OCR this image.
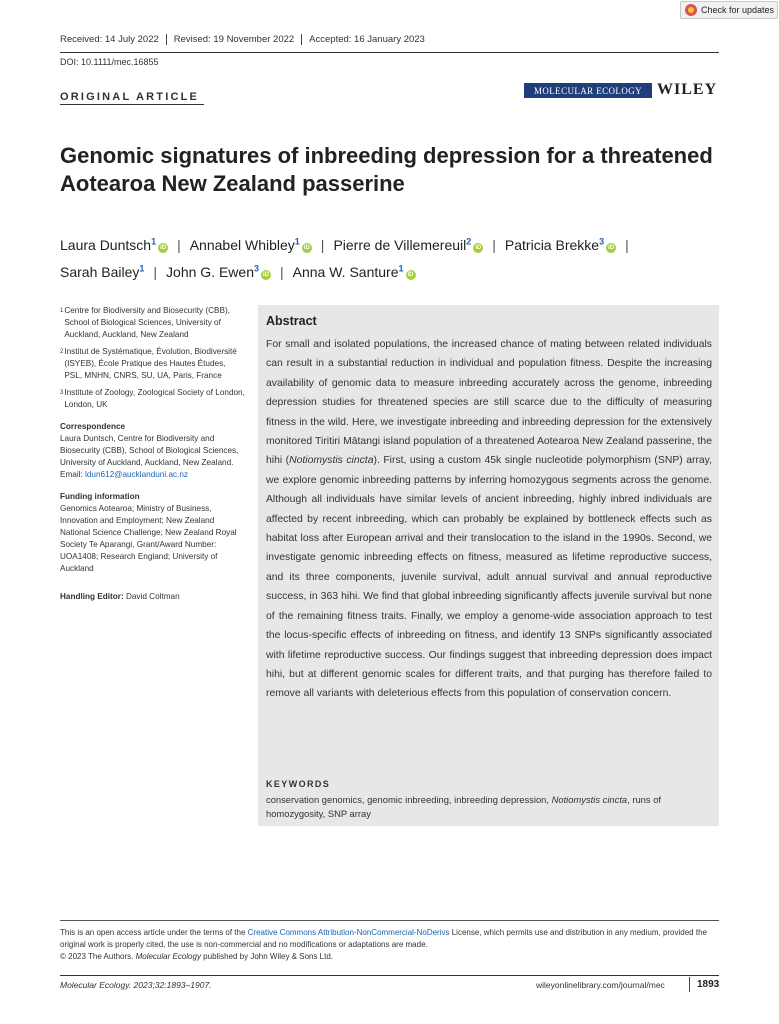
Check for updates
Received: 14 July 2022	Revised: 19 November 2022	Accepted: 16 January 2023
DOI: 10.1111/mec.16855
ORIGINAL ARTICLE
MOLECULAR ECOLOGY WILEY
Genomic signatures of inbreeding depression for a threatened Aotearoa New Zealand passerine
Laura Duntsch$^1$iD | Annabel Whibley$^1$iD | Pierre de Villemereuil$^2$iD | Patricia Brekke$^3$iD |
Sarah Bailey$^1$ | John G. Ewen$^3$iD | Anna W. Santure$^1$iD
1 Centre for Biodiversity and Biosecurity (CBB), School of Biological Sciences, University of Auckland, Auckland, New Zealand
2 Institut de Systématique, Évolution, Biodiversité (ISYEB), École Pratique des Hautes Études, PSL, MNHN, CNRS, SU, UA, Paris, France
3 Institute of Zoology, Zoological Society of London, London, UK
Correspondence
Laura Duntsch, Centre for Biodiversity and Biosecurity (CBB), School of Biological Sciences, University of Auckland, Auckland, New Zealand.
Email: ldun612@aucklanduni.ac.nz
Funding information
Genomics Aotearoa; Ministry of Business, Innovation and Employment; New Zealand National Science Challenge; New Zealand Royal Society Te Aparangi, Grant/Award Number: UOA1408; Research England; University of Auckland
Handling Editor: David Coltman
Abstract
For small and isolated populations, the increased chance of mating between related individuals can result in a substantial reduction in individual and population fitness. Despite the increasing availability of genomic data to measure inbreeding accurately across the genome, inbreeding depression studies for threatened species are still scarce due to the difficulty of measuring fitness in the wild. Here, we investigate inbreeding and inbreeding depression for the extensively monitored Tiritiri Mātangi island population of a threatened Aotearoa New Zealand passerine, the hihi (Notiomystis cincta). First, using a custom 45k single nucleotide polymorphism (SNP) array, we explore genomic inbreeding patterns by inferring homozygous segments across the genome. Although all individuals have similar levels of ancient inbreeding, highly inbred individuals are affected by recent inbreeding, which can probably be explained by bottleneck effects such as habitat loss after European arrival and their translocation to the island in the 1990s. Second, we investigate genomic inbreeding effects on fitness, measured as lifetime reproductive success, and its three components, juvenile survival, adult annual survival and annual reproductive success, in 363 hihi. We find that global inbreeding significantly affects juvenile survival but none of the remaining fitness traits. Finally, we employ a genome-wide association approach to test the locus-specific effects of inbreeding on fitness, and identify 13 SNPs significantly associated with lifetime reproductive success. Our findings suggest that inbreeding depression does impact hihi, but at different genomic scales for different traits, and that purging has therefore failed to remove all variants with deleterious effects from this population of conservation concern.
KEYWORDS
conservation genomics, genomic inbreeding, inbreeding depression, Notiomystis cincta, runs of homozygosity, SNP array
This is an open access article under the terms of the Creative Commons Attribution-NonCommercial-NoDerivs License, which permits use and distribution in any medium, provided the original work is properly cited, the use is non-commercial and no modifications or adaptations are made.
© 2023 The Authors. Molecular Ecology published by John Wiley & Sons Ltd.
Molecular Ecology. 2023;32:1893–1907.	wileyonlinelibrary.com/journal/mec	1893
